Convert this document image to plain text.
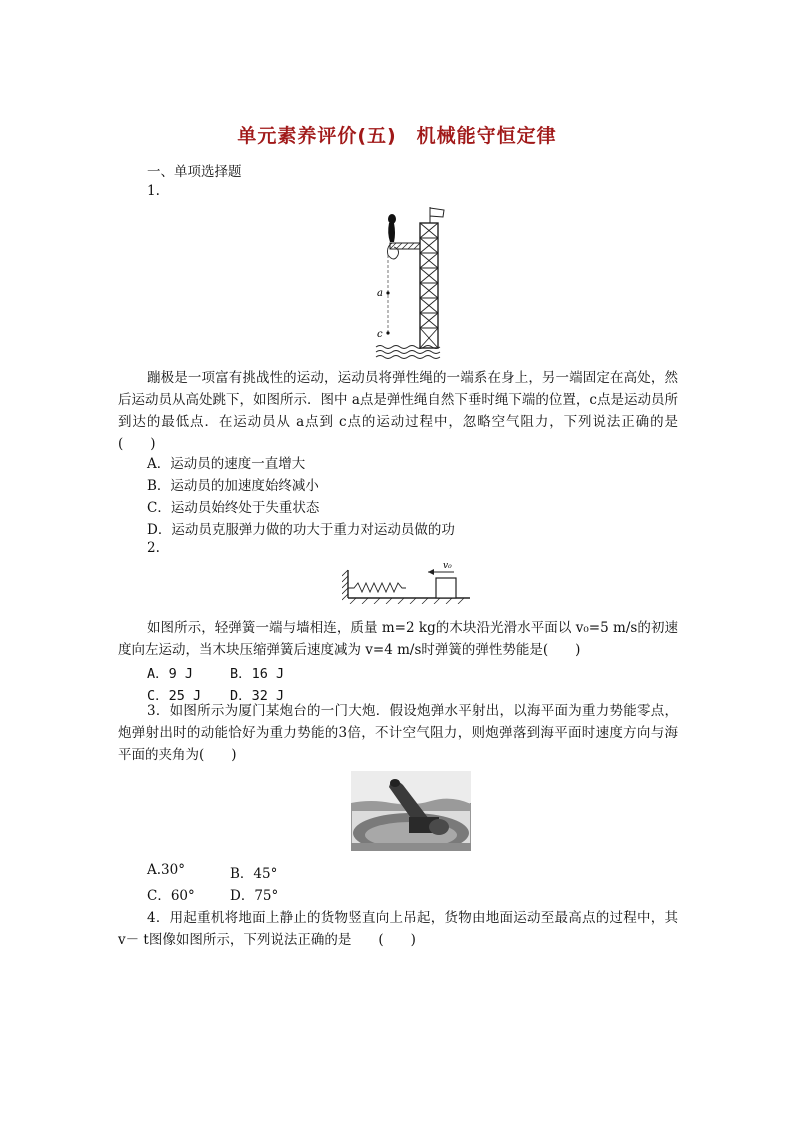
单元素养评价(五)　机械能守恒定律
一、单项选择题
1.
a
c
蹦极是一项富有挑战性的运动，运动员将弹性绳的一端系在身上，另一端固定在高处，然后运动员从高处跳下，如图所示．图中 a点是弹性绳自然下垂时绳下端的位置，c点是运动员所到达的最低点．在运动员从 a点到 c点的运动过程中，忽略空气阻力，下列说法正确的是(　　)
A．运动员的速度一直增大
B．运动员的加速度始终减小
C．运动员始终处于失重状态
D．运动员克服弹力做的功大于重力对运动员做的功
2.
v₀
如图所示，轻弹簧一端与墙相连，质量 m=2 kg的木块沿光滑水平面以 v₀=5 m/s的初速度向左运动，当木块压缩弹簧后速度减为 v=4 m/s时弹簧的弹性势能是(　　)
A．9 J	B．16 J
C．25 J D．32 J
3．如图所示为厦门某炮台的一门大炮．假设炮弹水平射出，以海平面为重力势能零点，炮弹射出时的动能恰好为重力势能的3倍，不计空气阻力，则炮弹落到海平面时速度方向与海平面的夹角为(　　)
A.30°	B．45°
C．60°	D．75°
4．用起重机将地面上静止的货物竖直向上吊起，货物由地面运动至最高点的过程中，其 v－ t图像如图所示，下列说法正确的是　　(　　)
